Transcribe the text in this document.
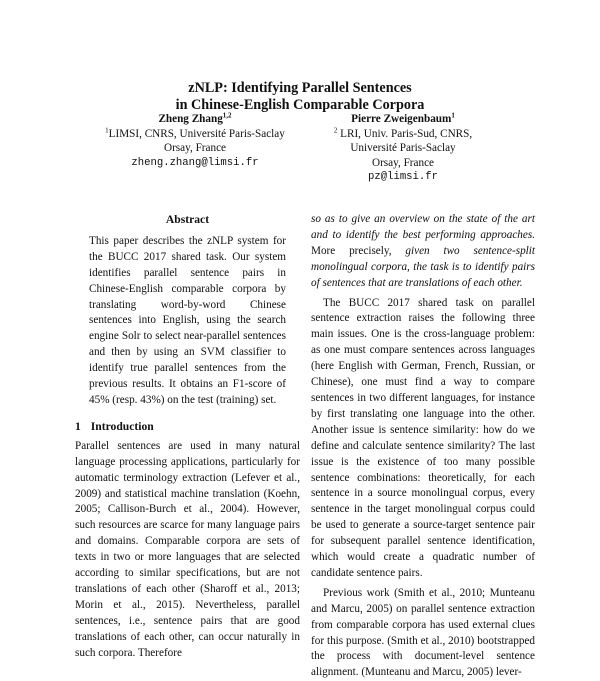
zNLP: Identifying Parallel Sentences
in Chinese-English Comparable Corpora
Zheng Zhang$^{1,2}$
$^1$LIMSI, CNRS, Université Paris-Saclay
Orsay, France
zheng.zhang@limsi.fr
Pierre Zweigenbaum$^1$
$^2$ LRI, Univ. Paris-Sud, CNRS,
Université Paris-Saclay
Orsay, France
pz@limsi.fr
Abstract

This paper describes the zNLP system for the BUCC 2017 shared task. Our system identifies parallel sentence pairs in Chinese-English comparable corpora by translating word-by-word Chinese sentences into English, using the search engine Solr to select near-parallel sentences and then by using an SVM classifier to identify true parallel sentences from the previous results. It obtains an F1-score of 45% (resp. 43%) on the test (training) set.

1 Introduction

Parallel sentences are used in many natural language processing applications, particularly for automatic terminology extraction (Lefever et al., 2009) and statistical machine translation (Koehn, 2005; Callison-Burch et al., 2004). However, such resources are scarce for many language pairs and domains. Comparable corpora are sets of texts in two or more languages that are selected according to similar specifications, but are not translations of each other (Sharoff et al., 2013; Morin et al., 2015). Nevertheless, parallel sentences, i.e., sentence pairs that are good translations of each other, can occur naturally in such corpora. Therefore

so as to give an overview on the state of the art and to identify the best performing approaches. More precisely, given two sentence-split monolingual corpora, the task is to identify pairs of sentences that are translations of each other.

The BUCC 2017 shared task on parallel sentence extraction raises the following three main issues. One is the cross-language problem: as one must compare sentences across languages (here English with German, French, Russian, or Chinese), one must find a way to compare sentences in two different languages, for instance by first translating one language into the other. Another issue is sentence similarity: how do we define and calculate sentence similarity? The last issue is the existence of too many possible sentence combinations: theoretically, for each sentence in a source monolingual corpus, every sentence in the target monolingual corpus could be used to generate a source-target sentence pair for subsequent parallel sentence identification, which would create a quadratic number of candidate sentence pairs.

Previous work (Smith et al., 2010; Munteanu and Marcu, 2005) on parallel sentence extraction from comparable corpora has used external clues for this purpose. (Smith et al., 2010) bootstrapped the process with document-level sentence alignment. (Munteanu and Marcu, 2005) lever-
